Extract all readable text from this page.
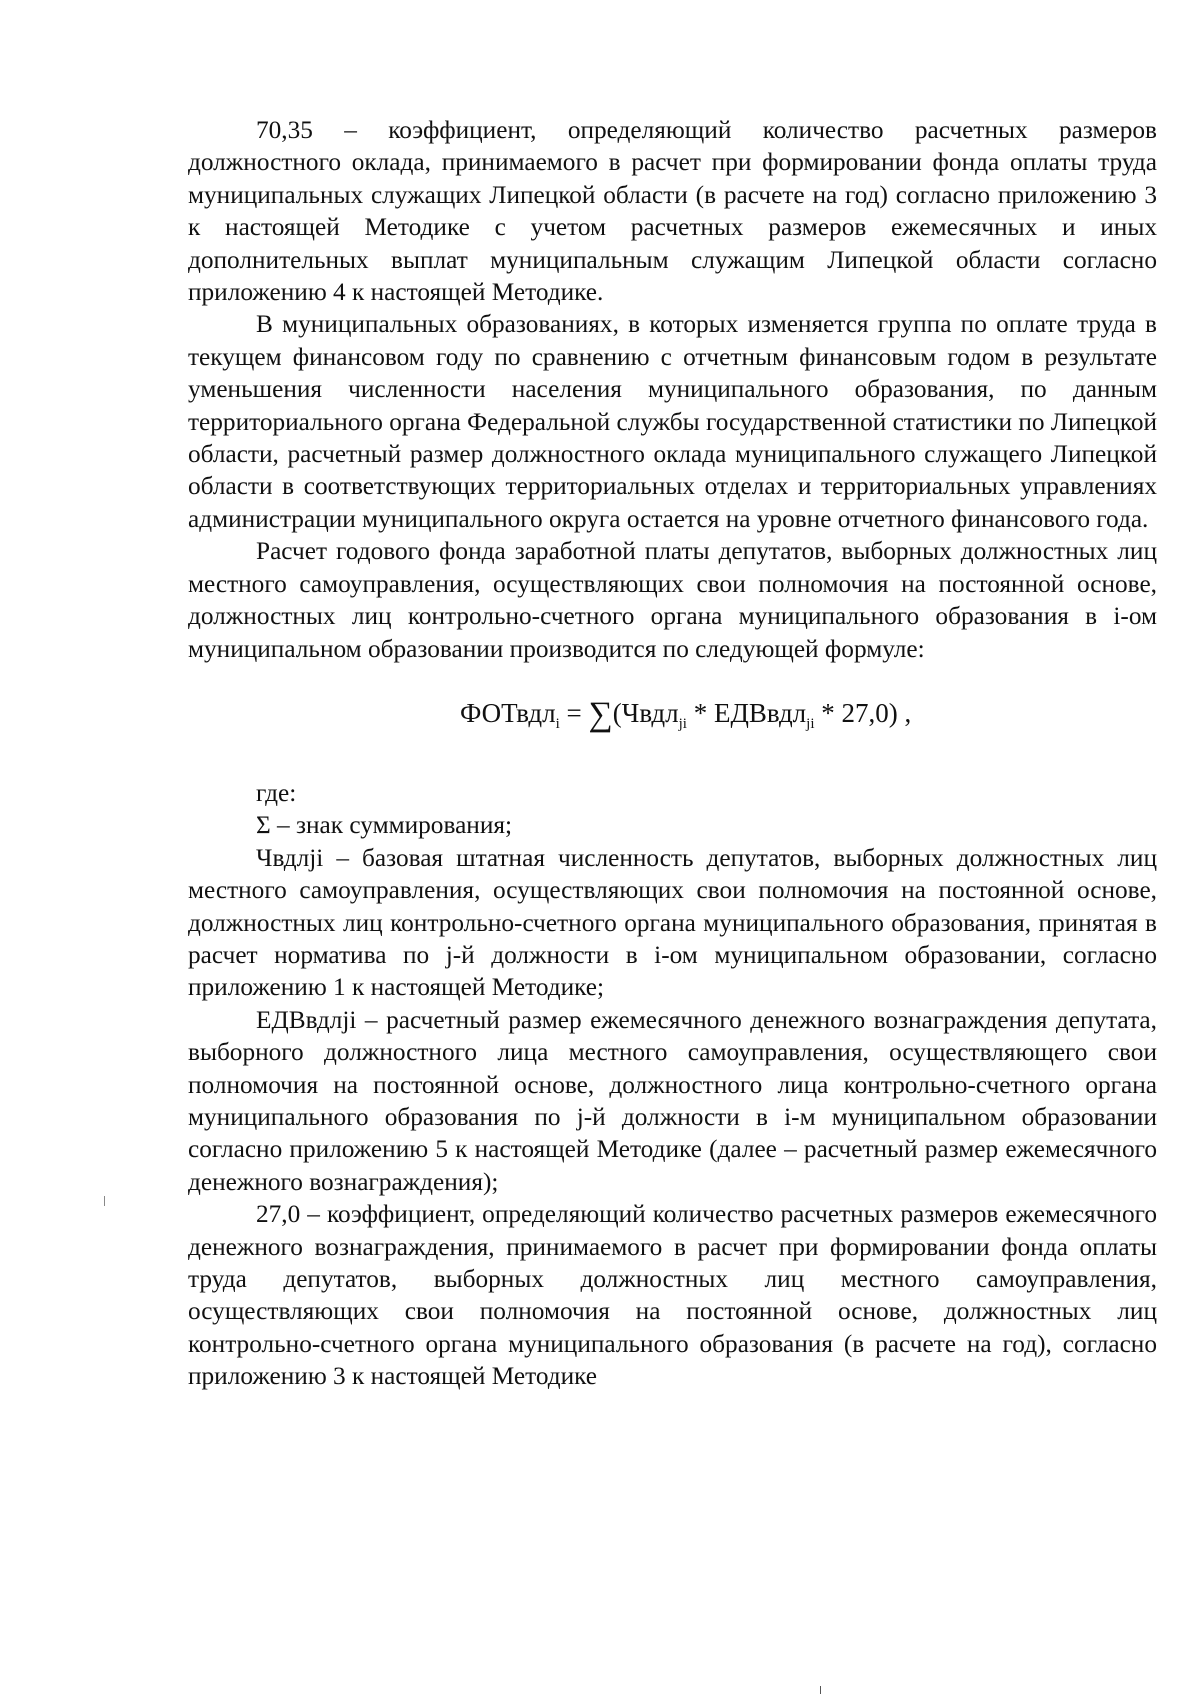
70,35 – коэффициент, определяющий количество расчетных размеров должностного оклада, принимаемого в расчет при формировании фонда оплаты труда муниципальных служащих Липецкой области (в расчете на год) согласно приложению 3 к настоящей Методике с учетом расчетных размеров ежемесячных и иных дополнительных выплат муниципальным служащим Липецкой области согласно приложению 4 к настоящей Методике.

В муниципальных образованиях, в которых изменяется группа по оплате труда в текущем финансовом году по сравнению с отчетным финансовым годом в результате уменьшения численности населения муниципального образования, по данным территориального органа Федеральной службы государственной статистики по Липецкой области, расчетный размер должностного оклада муниципального служащего Липецкой области в соответствующих территориальных отделах и территориальных управлениях администрации муниципального округа остается на уровне отчетного финансового года.

Расчет годового фонда заработной платы депутатов, выборных должностных лиц местного самоуправления, осуществляющих свои полномочия на постоянной основе, должностных лиц контрольно-счетного органа муниципального образования в i-ом муниципальном образовании производится по следующей формуле:

ФОТвдл$_i$ = ∑(Чвдл$_{ji}$ * ЕДВвдл$_{ji}$ * 27,0) ,

где:

Σ – знак суммирования;

Чвдлji – базовая штатная численность депутатов, выборных должностных лиц местного самоуправления, осуществляющих свои полномочия на постоянной основе, должностных лиц контрольно-счетного органа муниципального образования, принятая в расчет норматива по j-й должности в i-ом муниципальном образовании, согласно приложению 1 к настоящей Методике;

ЕДВвдлji – расчетный размер ежемесячного денежного вознаграждения депутата, выборного должностного лица местного самоуправления, осуществляющего свои полномочия на постоянной основе, должностного лица контрольно-счетного органа муниципального образования по j-й должности в i-м муниципальном образовании согласно приложению 5 к настоящей Методике (далее – расчетный размер ежемесячного денежного вознаграждения);

27,0 – коэффициент, определяющий количество расчетных размеров ежемесячного денежного вознаграждения, принимаемого в расчет при формировании фонда оплаты труда депутатов, выборных должностных лиц местного самоуправления, осуществляющих свои полномочия на постоянной основе, должностных лиц контрольно-счетного органа муниципального образования (в расчете на год), согласно приложению 3 к настоящей Методике
